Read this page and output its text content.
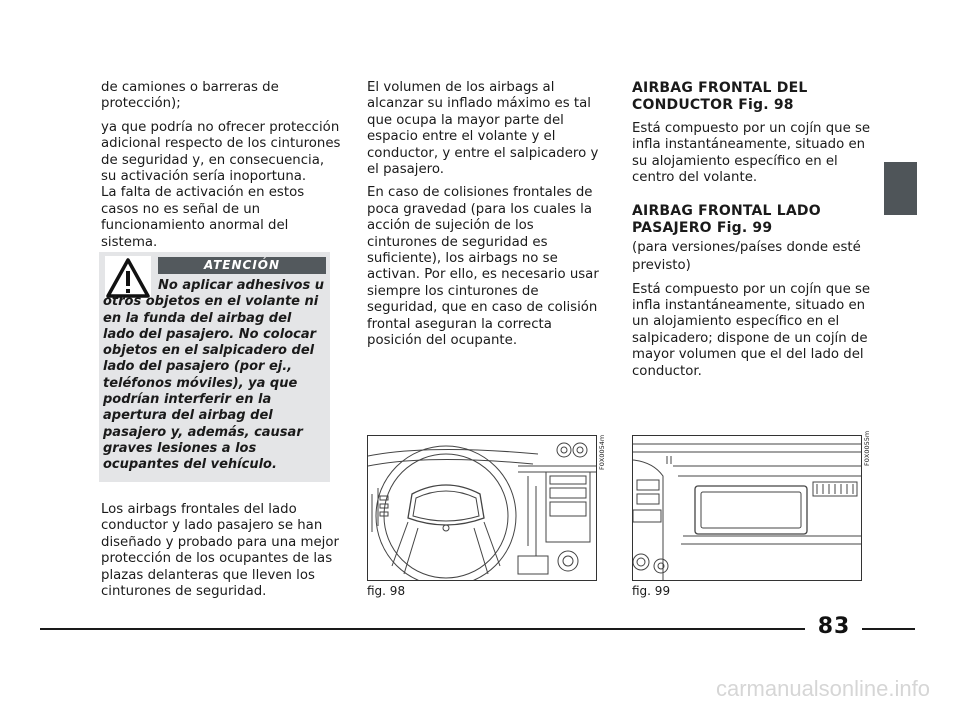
de camiones o barreras de protección);

ya que podría no ofrecer protección adicional respecto de los cinturones de seguridad y, en consecuencia, su activación sería inoportuna.

La falta de activación en estos casos no es señal de un funcionamiento anormal del sistema.

ATENCIÓN
No aplicar adhesivos u otros objetos en el volante ni en la funda del airbag del lado del pasajero. No colocar objetos en el salpicadero del lado del pasajero (por ej., teléfonos móviles), ya que podrían interferir en la apertura del airbag del pasajero y, además, causar graves lesiones a los ocupantes del vehículo.

Los airbags frontales del lado conductor y lado pasajero se han diseñado y probado para una mejor protección de los ocupantes de las plazas delanteras que lleven los cinturones de seguridad.

El volumen de los airbags al alcanzar su inflado máximo es tal que ocupa la mayor parte del espacio entre el volante y el conductor, y entre el salpicadero y el pasajero.

En caso de colisiones frontales de poca gravedad (para los cuales la acción de sujeción de los cinturones de seguridad es suficiente), los airbags no se activan. Por ello, es necesario usar siempre los cinturones de seguridad, que en caso de colisión frontal aseguran la correcta posición del ocupante.

AIRBAG FRONTAL DEL CONDUCTOR Fig. 98

Está compuesto por un cojín que se infla instantáneamente, situado en su alojamiento específico en el centro del volante.

AIRBAG FRONTAL LADO PASAJERO Fig. 99

(para versiones/países donde esté previsto)

Está compuesto por un cojín que se infla instantáneamente, situado en un alojamiento específico en el salpicadero; dispone de un cojín de mayor volumen que el del lado del conductor.

F0X0054m
fig. 98
F0X0055m
fig. 99
83
carmanualsonline.info
